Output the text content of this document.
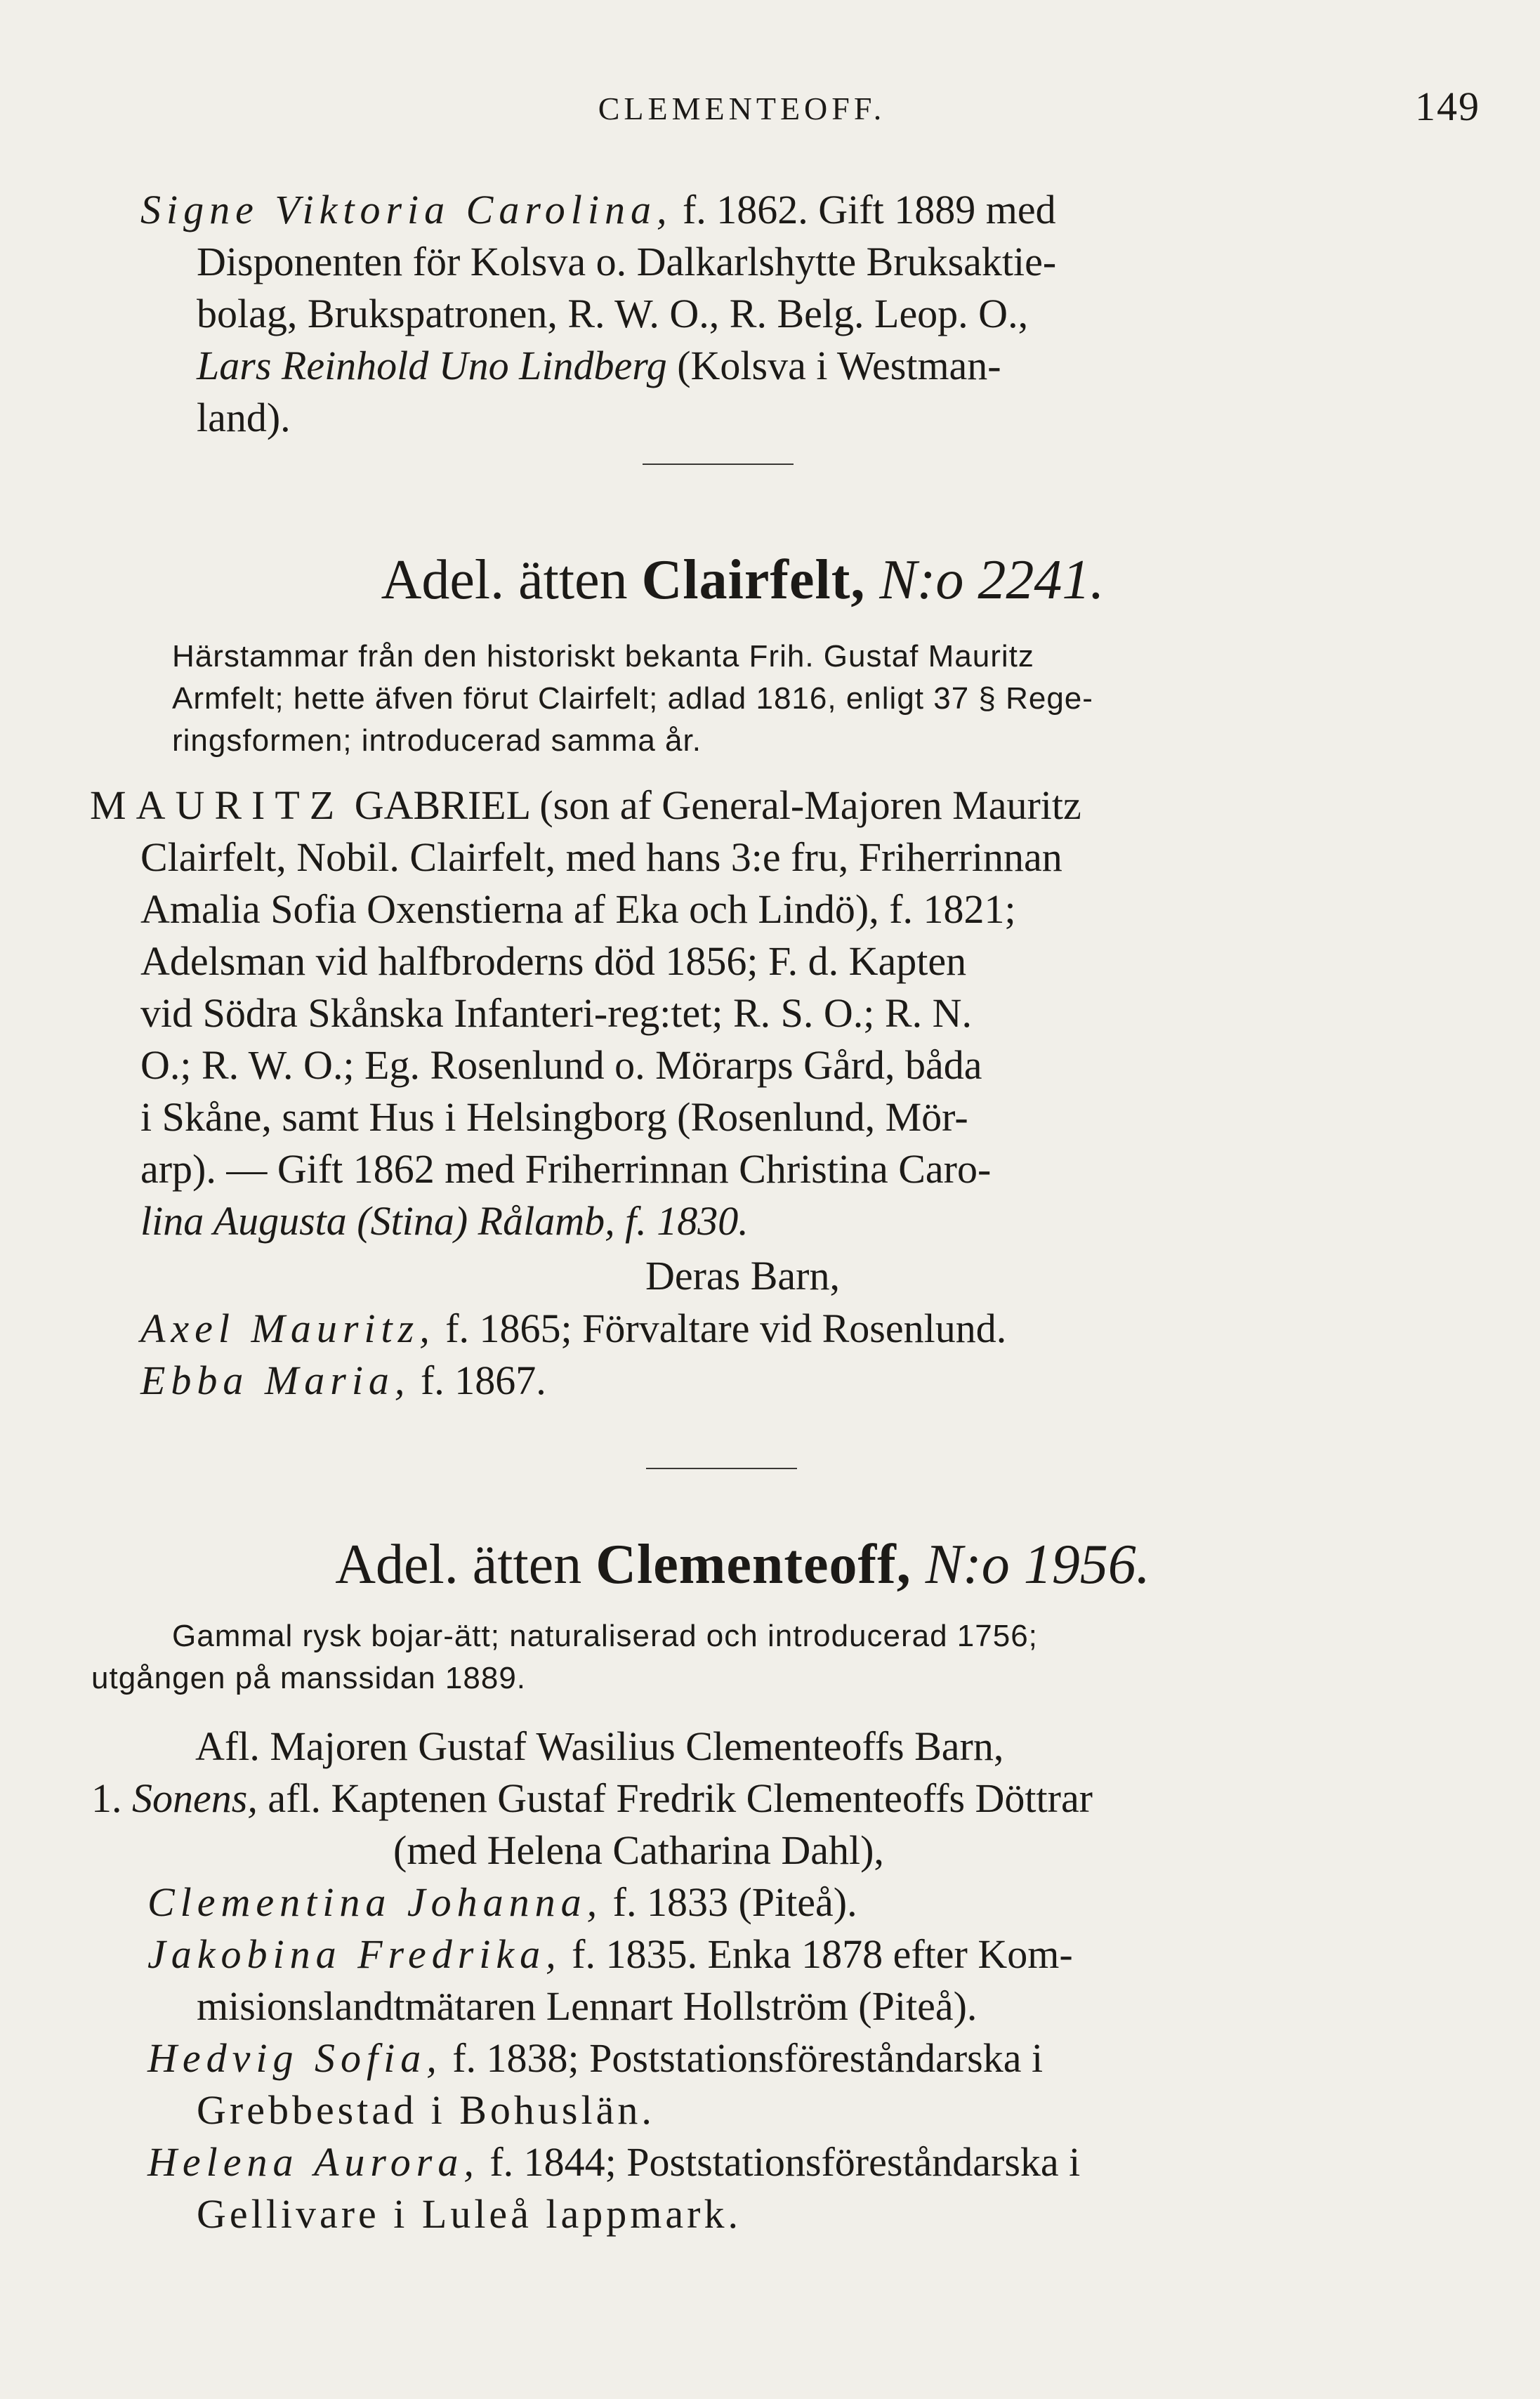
CLEMENTEOFF.	149
Signe Viktoria Carolina, f. 1862. Gift 1889 med
Disponenten för Kolsva o. Dalkarlshytte Bruksaktie-
bolag, Brukspatronen, R. W. O., R. Belg. Leop. O.,
Lars Reinhold Uno Lindberg (Kolsva i Westman-
land).
Adel. ätten Clairfelt, N:o 2241.
Härstammar från den historiskt bekanta Frih. Gustaf Mauritz
Armfelt; hette äfven förut Clairfelt; adlad 1816, enligt 37 § Rege-
ringsformen; introducerad samma år.
MAURITZ GABRIEL (son af General-Majoren Mauritz
Clairfelt, Nobil. Clairfelt, med hans 3:e fru, Friherrinnan
Amalia Sofia Oxenstierna af Eka och Lindö), f. 1821;
Adelsman vid halfbroderns död 1856; F. d. Kapten
vid Södra Skånska Infanteri-reg:tet; R. S. O.; R. N.
O.; R. W. O.; Eg. Rosenlund o. Mörarps Gård, båda
i Skåne, samt Hus i Helsingborg (Rosenlund, Mör-
arp). — Gift 1862 med Friherrinnan Christina Caro-
lina Augusta (Stina) Rålamb, f. 1830.
Deras Barn,
Axel Mauritz, f. 1865; Förvaltare vid Rosenlund.
Ebba Maria, f. 1867.
Adel. ätten Clementeoff, N:o 1956.
Gammal rysk bojar-ätt; naturaliserad och introducerad 1756;
utgången på manssidan 1889.
Afl. Majoren Gustaf Wasilius Clementeoffs Barn,
1. Sonens, afl. Kaptenen Gustaf Fredrik Clementeoffs Döttrar
(med Helena Catharina Dahl),
Clementina Johanna, f. 1833 (Piteå).
Jakobina Fredrika, f. 1835. Enka 1878 efter Kom-
misionslandtmätaren Lennart Hollström (Piteå).
Hedvig Sofia, f. 1838; Poststationsföreståndarska i
Grebbestad i Bohuslän.
Helena Aurora, f. 1844; Poststationsföreståndarska i
Gellivare i Luleå lappmark.
